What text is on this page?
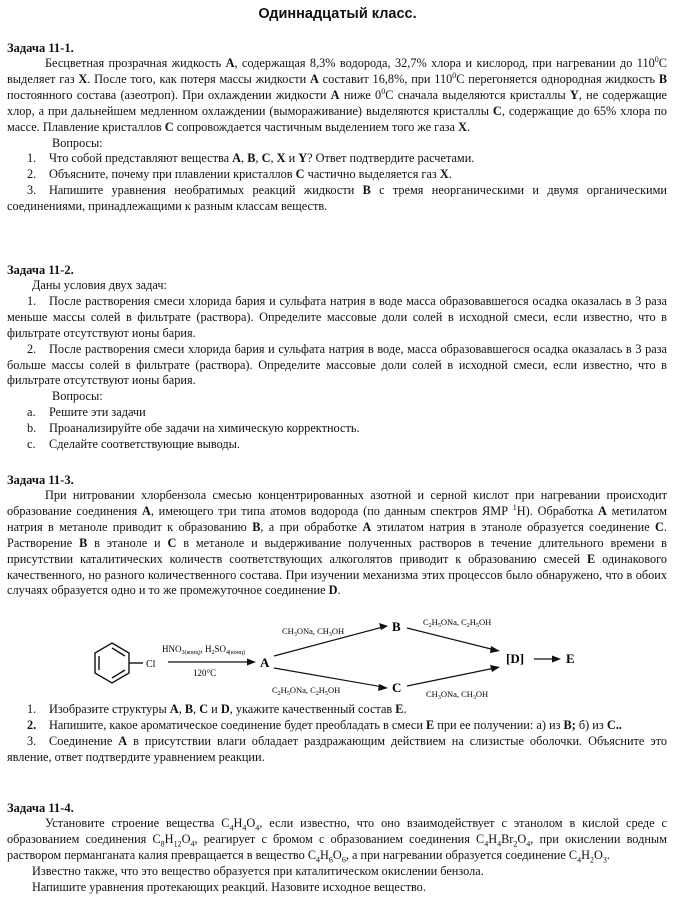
Одиннадцатый класс.

Задача 11-1.

Бесцветная прозрачная жидкость A, содержащая 8,3% водорода, 32,7% хлора и кислород, при нагревании до $110^0C$ выделяет газ X. После того, как потеря массы жидкости A составит 16,8%, при $110^0C$ перегоняется однородная жидкость B постоянного состава (азеотроп). При охлаждении жидкости A ниже $0^0C$ сначала выделяются кристаллы Y, не содержащие хлор, а при дальнейшем медленном охлаждении (вымораживание) выделяются кристаллы C, содержащие до 65% хлора по массе. Плавление кристаллов C сопровождается частичным выделением того же газа X.

Вопросы:

1. Что собой представляют вещества A, B, C, X и Y? Ответ подтвердите расчетами.

2. Объясните, почему при плавлении кристаллов C частично выделяется газ X.

3. Напишите уравнения необратимых реакций жидкости B с тремя неорганическими и двумя органическими соединениями, принадлежащими к разным классам веществ.

Задача 11-2.

Даны условия двух задач:

1. После растворения смеси хлорида бария и сульфата натрия в воде масса образовавшегося осадка оказалась в 3 раза меньше массы солей в фильтрате (раствора). Определите массовые доли солей в исходной смеси, если известно, что в фильтрате отсутствуют ионы бария.

2. После растворения смеси хлорида бария и сульфата натрия в воде, масса образовавшегося осадка оказалась в 3 раза больше массы солей в фильтрате (раствора). Определите массовые доли солей в исходной смеси, если известно, что в фильтрате отсутствуют ионы бария.

Вопросы:

a. Решите эти задачи

b. Проанализируйте обе задачи на химическую корректность.

c. Сделайте соответствующие выводы.

Задача 11-3.

При нитровании хлорбензола смесью концентрированных азотной и серной кислот при нагревании происходит образование соединения A, имеющего три типа атомов водорода (по данным спектров ЯМР $^1$H). Обработка A метилатом натрия в метаноле приводит к образованию B, а при обработке A этилатом натрия в этаноле образуется соединение C. Растворение B в этаноле и C в метаноле и выдерживание полученных растворов в течение длительного времени в присутствии каталитических количеств соответствующих алкоголятов приводит к образованию смесей E одинакового качественного, но разного количественного состава. При изучении механизма этих процессов было обнаружено, что в обоих случаях образуется одно и то же промежуточное соединение D.

Cl
$HNO_{3(конц)}$, $H_2SO_{4(конц)}$
120°C
A
$CH_3ONa$, $CH_3OH$	B
$C_2H_5ONa$, $C_2H_5OH$	C
$C_2H_5ONa$, $C_2H_5OH$
$CH_3ONa$, $CH_3OH$
[D]	E

1. Изобразите структуры A, B, C и D, укажите качественный состав E.

2. Напишите, какое ароматическое соединение будет преобладать в смеси E при ее получении: а) из B; б) из C..

3. Соединение A в присутствии влаги обладает раздражающим действием на слизистые оболочки. Объясните это явление, ответ подтвердите уравнением реакции.

Задача 11-4.

Установите строение вещества $C_4H_4O_4$, если известно, что оно взаимодействует с этанолом в кислой среде с образованием соединения $C_8H_{12}O_4$, реагирует с бромом с образованием соединения $C_4H_4Br_2O_4$, при окислении водным раствором перманганата калия превращается в вещество $C_4H_6O_6$, а при нагревании образуется соединение $C_4H_2O_3$.

Известно также, что это вещество образуется при каталитическом окислении бензола.

Напишите уравнения протекающих реакций. Назовите исходное вещество.
